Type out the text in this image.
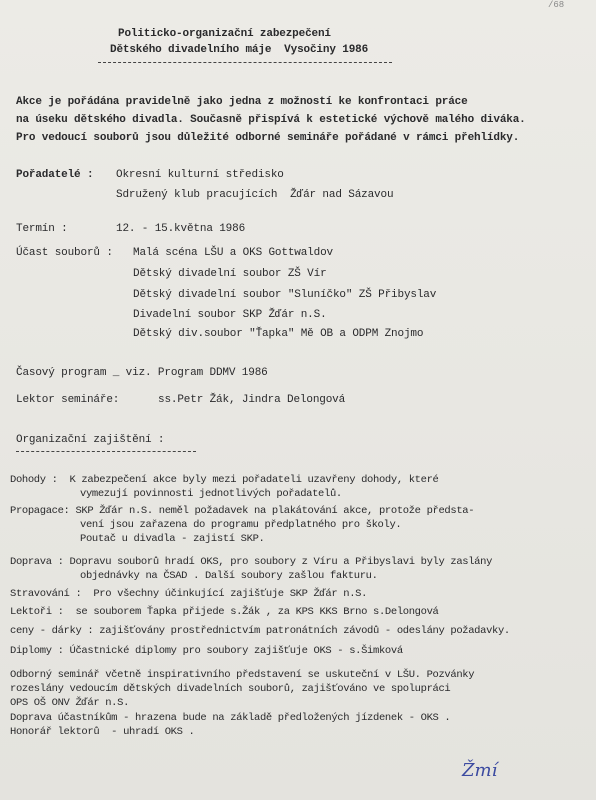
/68
Politicko-organizační zabezpečení
Dětského divadelního máje  Vysočiny 1986
Akce je pořádána pravidelně jako jedna z možností ke konfrontaci práce
na úseku dětského divadla. Současně přispívá k estetické výchově malého diváka.
Pro vedoucí souborů jsou důležité odborné semináře pořádané v rámci přehlídky.
Pořadatelé : Okresní kulturní středisko
Sdružený klub pracujících  Žďár nad Sázavou
Termín :	12. - 15.května 1986
Účast souborů : Malá scéna LŠU a OKS Gottwaldov
Dětský divadelní soubor ZŠ Vír
Dětský divadelní soubor "Sluníčko" ZŠ Přibyslav
Divadelní soubor SKP Žďár n.S.
Dětský div.soubor "Ťapka" Mě OB a ODPM Znojmo
Časový program _ viz. Program DDMV 1986
Lektor semináře:	ss.Petr Žák, Jindra Delongová
Organizační zajištění :
Dohody :  K zabezpečení akce byly mezi pořadateli uzavřeny dohody, které
vymezují povinnosti jednotlivých pořadatelů.
Propagace: SKP Žďár n.S. neměl požadavek na plakátování akce, protože předsta-
vení jsou zařazena do programu předplatného pro školy.
Poutač u divadla - zajistí SKP.
Doprava : Dopravu souborů hradí OKS, pro soubory z Víru a Přibyslavi byly zaslány
objednávky na ČSAD . Další soubory zašlou fakturu.
Stravování :  Pro všechny účinkující zajišťuje SKP Žďár n.S.
Lektoři :  se souborem Ťapka přijede s.Žák , za KPS KKS Brno s.Delongová
ceny - dárky : zajišťovány prostřednictvím patronátních závodů - odeslány požadavky.
Diplomy : Účastnické diplomy pro soubory zajišťuje OKS - s.Šimková
Odborný seminář včetně inspirativního představení se uskuteční v LŠU. Pozvánky
rozeslány vedoucím dětských divadelních souborů, zajišťováno ve spolupráci
OPS OŠ ONV Žďár n.S.
Doprava účastníkům - hrazena bude na základě předložených jízdenek - OKS .
Honorář lektorů  - uhradí OKS .
Žmí
